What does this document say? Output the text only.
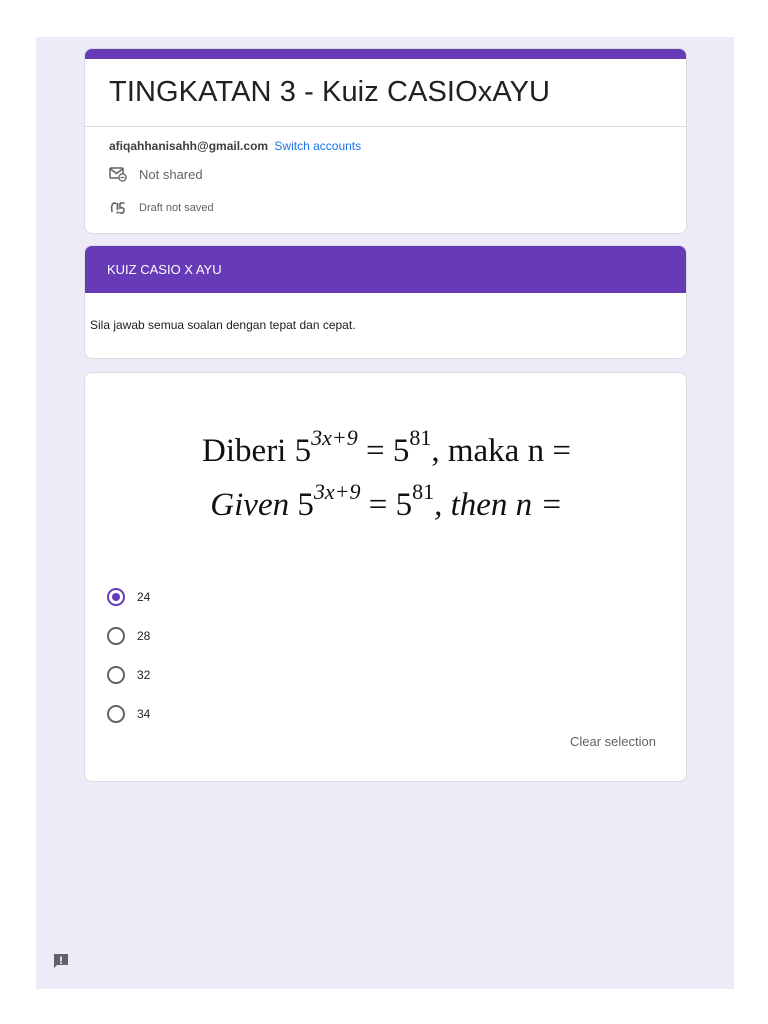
TINGKATAN 3 - Kuiz CASIOxAYU
afiqahhanisahh@gmail.com Switch accounts
Not shared
Draft not saved
KUIZ CASIO X AYU
Sila jawab semua soalan dengan tepat dan cepat.
Diberi $5^{3x+9} = 5^{81}$, maka n =
Given $5^{3x+9} = 5^{81}$, then n =
24
28
32
34
Clear selection
